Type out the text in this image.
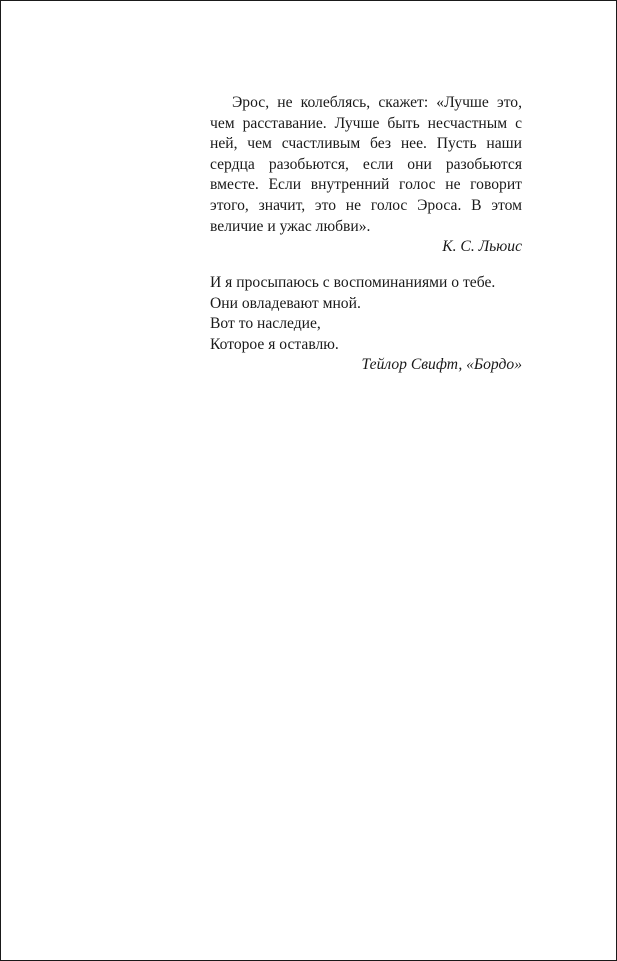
Эрос, не колеблясь, скажет: «Лучше это, чем расставание. Лучше быть несчастным с ней, чем счастливым без нее. Пусть наши сердца разобьются, если они разобьются вместе. Если внутренний голос не говорит этого, значит, это не голос Эроса. В этом величие и ужас любви».

К. С. Льюис

И я просыпаюсь с воспоминаниями о тебе.
Они овладевают мной.
Вот то наследие,
Которое я оставлю.

Тейлор Свифт, «Бордо»
